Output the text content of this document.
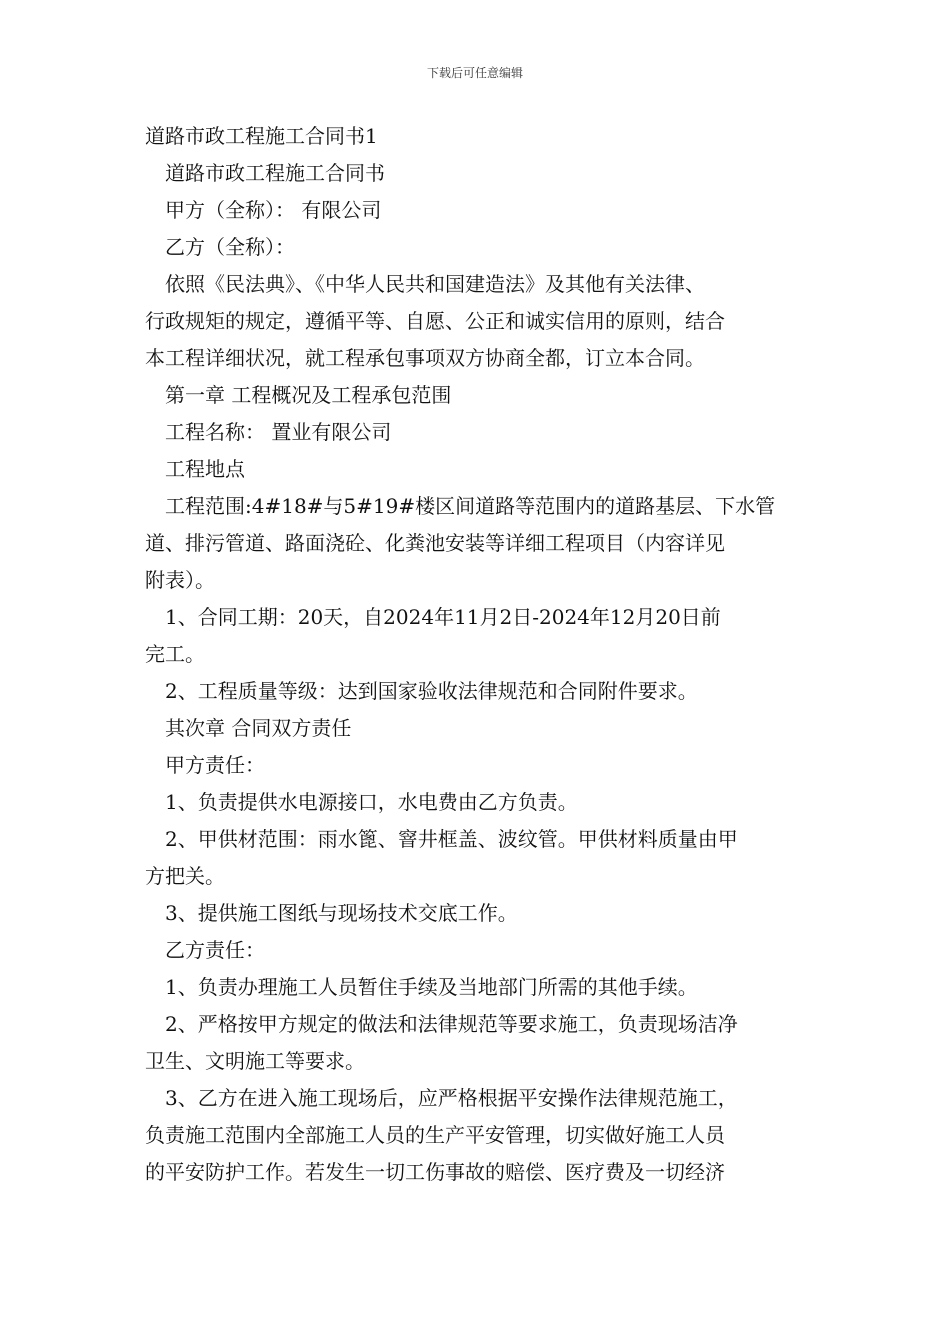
下载后可任意编辑

道路市政工程施工合同书1

道路市政工程施工合同书

甲方（全称）： 有限公司

乙方（全称）：

依照《民法典》、《中华人民共和国建造法》及其他有关法律、

行政规矩的规定，遵循平等、自愿、公正和诚实信用的原则，结合

本工程详细状况，就工程承包事项双方协商全都，订立本合同。

第一章 工程概况及工程承包范围

工程名称： 置业有限公司

工程地点

工程范围:4#18#与5#19#楼区间道路等范围内的道路基层、下水管

道、排污管道、路面浇砼、化粪池安装等详细工程项目（内容详见

附表）。

1、合同工期：20天，自2024年11月2日-2024年12月20日前

完工。

2、工程质量等级：达到国家验收法律规范和合同附件要求。

其次章 合同双方责任

甲方责任：

1、负责提供水电源接口，水电费由乙方负责。

2、甲供材范围：雨水篦、窨井框盖、波纹管。甲供材料质量由甲

方把关。

3、提供施工图纸与现场技术交底工作。

乙方责任：

1、负责办理施工人员暂住手续及当地部门所需的其他手续。

2、严格按甲方规定的做法和法律规范等要求施工，负责现场洁净

卫生、文明施工等要求。

3、乙方在进入施工现场后，应严格根据平安操作法律规范施工，

负责施工范围内全部施工人员的生产平安管理，切实做好施工人员

的平安防护工作。若发生一切工伤事故的赔偿、医疗费及一切经济
